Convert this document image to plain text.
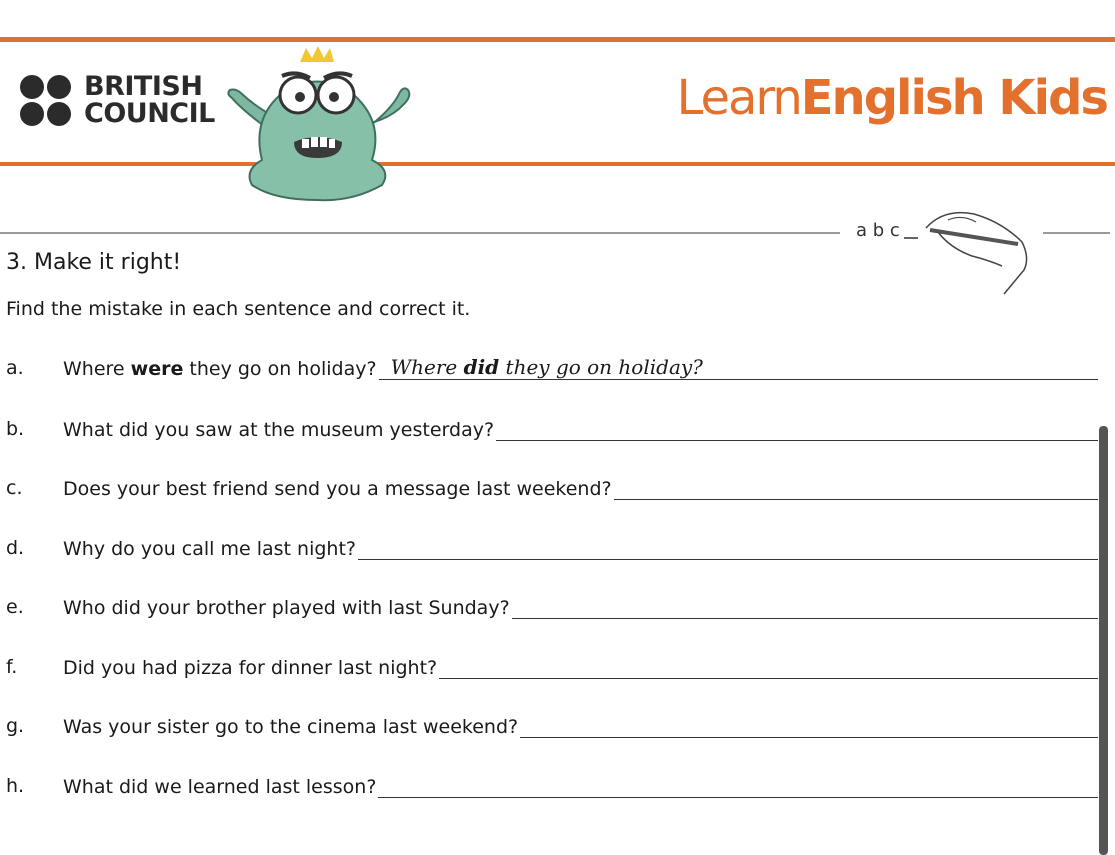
BRITISH
COUNCIL	LearnEnglish Kids
a b c
3. Make it right!
Find the mistake in each sentence and correct it.
a. Where were they go on holiday? Where did they go on holiday?
b. What did you saw at the museum yesterday?
c. Does your best friend send you a message last weekend?
d. Why do you call me last night?
e. Who did your brother played with last Sunday?
f. Did you had pizza for dinner last night?
g. Was your sister go to the cinema last weekend?
h. What did we learned last lesson?
